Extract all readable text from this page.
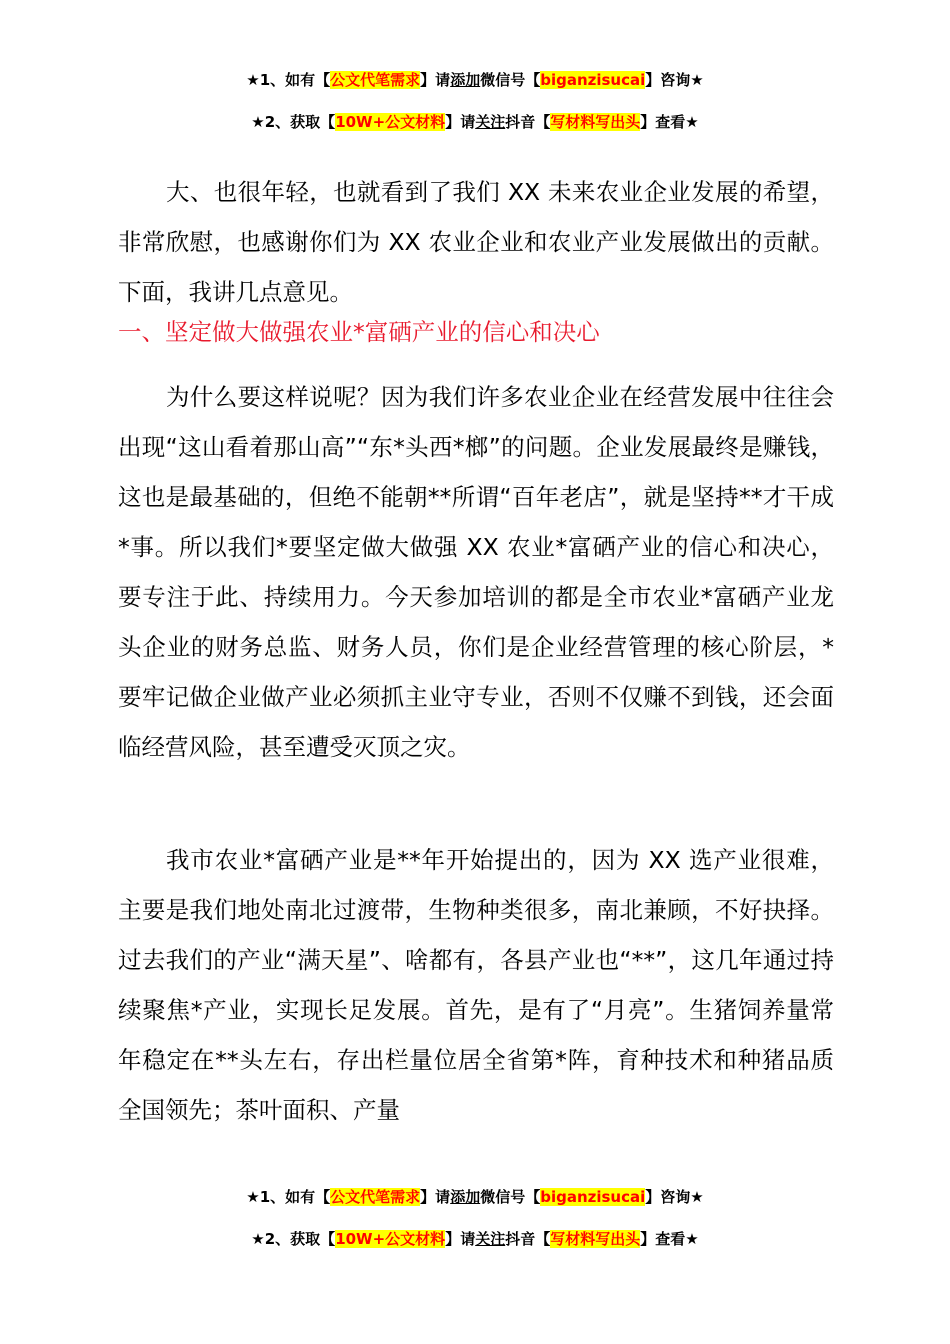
★1、如有【公文代笔需求】请添加微信号【biganzisucai】咨询★
★2、获取【10W+公文材料】请关注抖音【写材料写出头】查看★
大、也很年轻，也就看到了我们 XX 未来农业企业发展的希望，非常欣慰，也感谢你们为 XX 农业企业和农业产业发展做出的贡献。下面，我讲几点意见。
一、坚定做大做强农业*富硒产业的信心和决心

为什么要这样说呢？因为我们许多农业企业在经营发展中往往会出现“这山看着那山高”“东*头西*榔”的问题。企业发展最终是赚钱，这也是最基础的，但绝不能朝**所谓“百年老店”，就是坚持**才干成*事。所以我们*要坚定做大做强 XX 农业*富硒产业的信心和决心，要专注于此、持续用力。今天参加培训的都是全市农业*富硒产业龙头企业的财务总监、财务人员，你们是企业经营管理的核心阶层，*要牢记做企业做产业必须抓主业守专业，否则不仅赚不到钱，还会面临经营风险，甚至遭受灭顶之灾。

我市农业*富硒产业是**年开始提出的，因为 XX 选产业很难，主要是我们地处南北过渡带，生物种类很多，南北兼顾，不好抉择。过去我们的产业“满天星”、啥都有，各县产业也“**”，这几年通过持续聚焦*产业，实现长足发展。首先，是有了“月亮”。生猪饲养量常年稳定在**头左右，存出栏量位居全省第*阵，育种技术和种猪品质全国领先；茶叶面积、产量

★1、如有【公文代笔需求】请添加微信号【biganzisucai】咨询★
★2、获取【10W+公文材料】请关注抖音【写材料写出头】查看★
